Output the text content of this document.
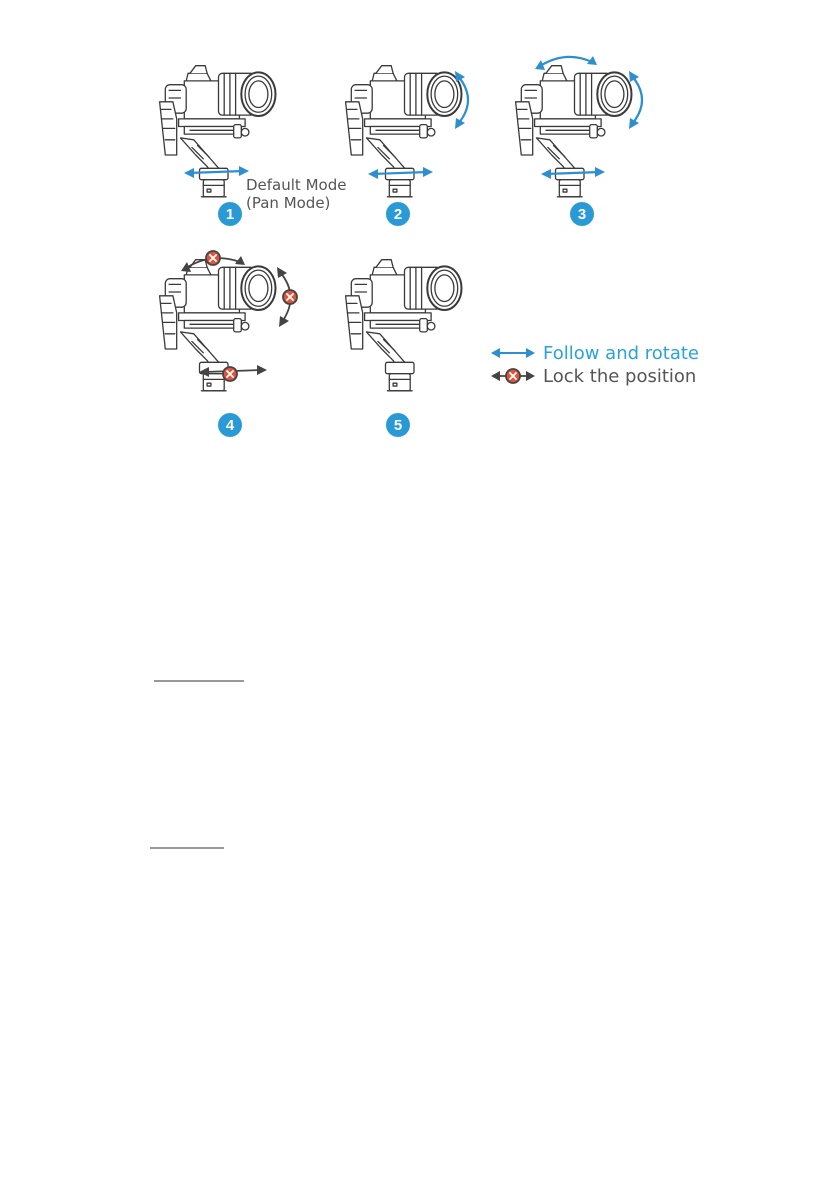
Default Mode
(Pan Mode)
1	2	3
4	5
Follow and rotate
Lock the position
